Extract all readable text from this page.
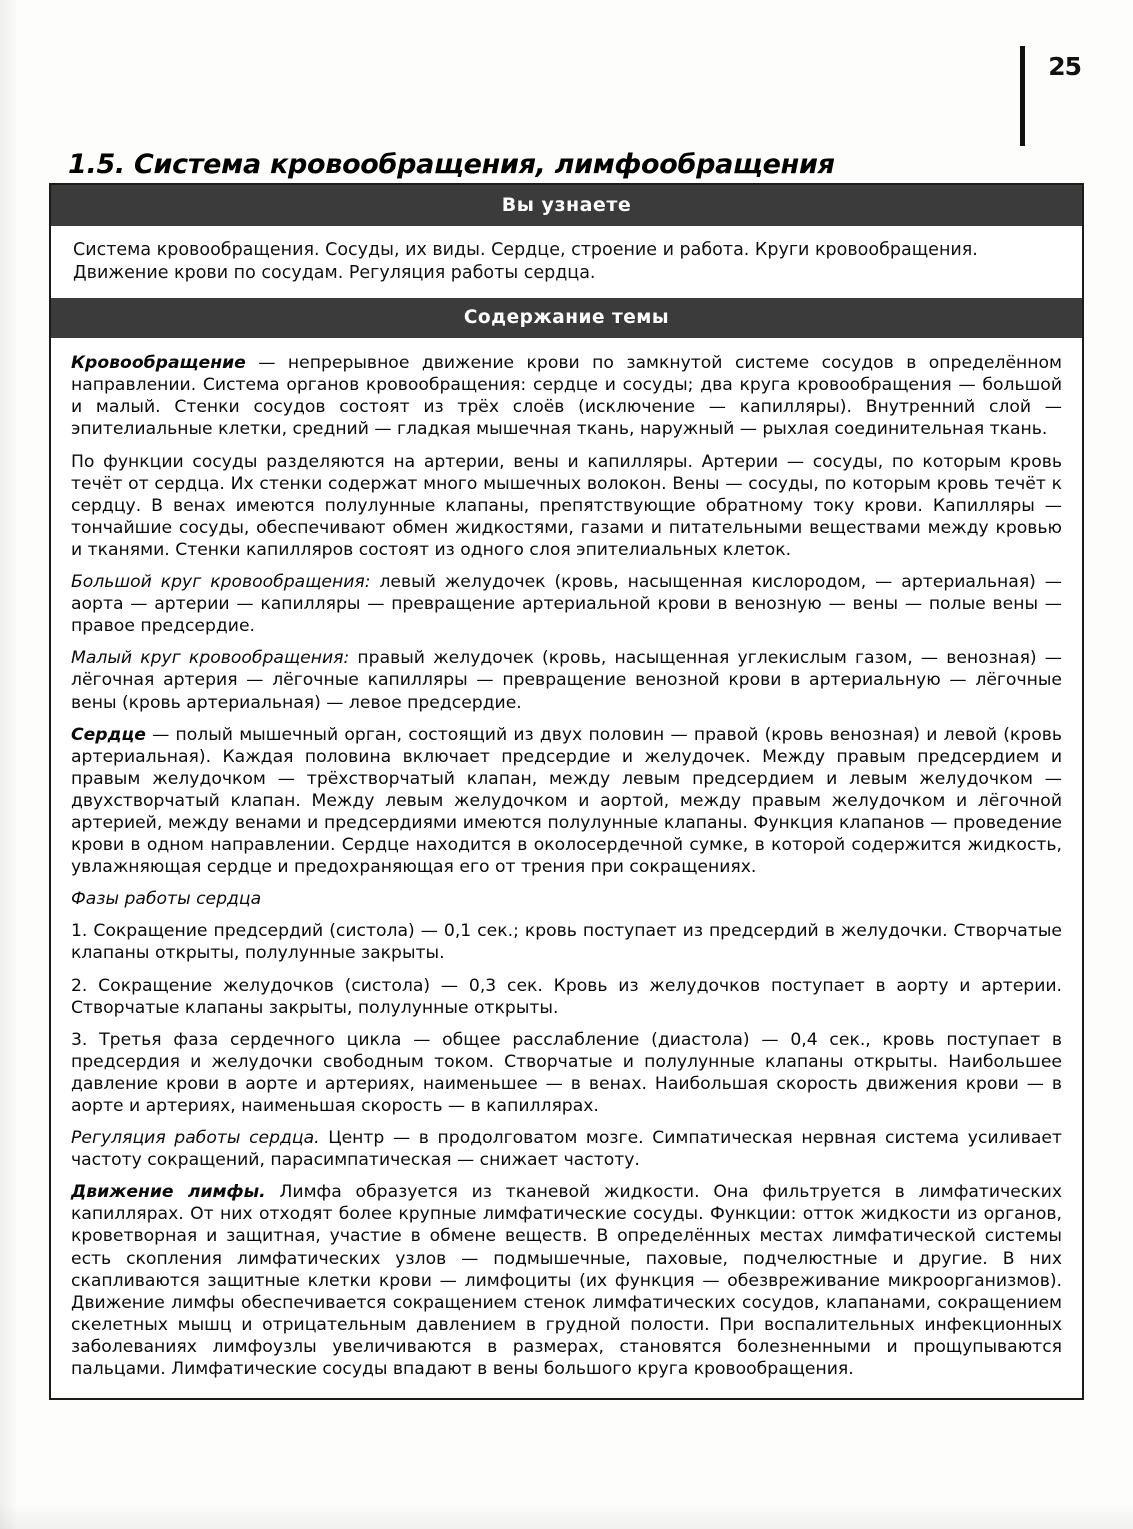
25
1.5. Система кровообращения, лимфообращения
Вы узнаете
Система кровообращения. Сосуды, их виды. Сердце, строение и работа. Круги кровообращения. Движение крови по сосудам. Регуляция работы сердца.
Содержание темы

Кровообращение — непрерывное движение крови по замкнутой системе сосудов в определённом направлении. Система органов кровообращения: сердце и сосуды; два круга кровообращения — большой и малый. Стенки сосудов состоят из трёх слоёв (исключение — капилляры). Внутренний слой — эпителиальные клетки, средний — гладкая мышечная ткань, наружный — рыхлая соединительная ткань.

По функции сосуды разделяются на артерии, вены и капилляры. Артерии — сосуды, по которым кровь течёт от сердца. Их стенки содержат много мышечных волокон. Вены — сосуды, по которым кровь течёт к сердцу. В венах имеются полулунные клапаны, препятствующие обратному току крови. Капилляры — тончайшие сосуды, обеспечивают обмен жидкостями, газами и питательными веществами между кровью и тканями. Стенки капилляров состоят из одного слоя эпителиальных клеток.

Большой круг кровообращения: левый желудочек (кровь, насыщенная кислородом, — артериальная) — аорта — артерии — капилляры — превращение артериальной крови в венозную — вены — полые вены — правое предсердие.

Малый круг кровообращения: правый желудочек (кровь, насыщенная углекислым газом, — венозная) — лёгочная артерия — лёгочные капилляры — превращение венозной крови в артериальную — лёгочные вены (кровь артериальная) — левое предсердие.

Сердце — полый мышечный орган, состоящий из двух половин — правой (кровь венозная) и левой (кровь артериальная). Каждая половина включает предсердие и желудочек. Между правым предсердием и правым желудочком — трёхстворчатый клапан, между левым предсердием и левым желудочком — двухстворчатый клапан. Между левым желудочком и аортой, между правым желудочком и лёгочной артерией, между венами и предсердиями имеются полулунные клапаны. Функция клапанов — проведение крови в одном направлении. Сердце находится в околосердечной сумке, в которой содержится жидкость, увлажняющая сердце и предохраняющая его от трения при сокращениях.

Фазы работы сердца

1. Сокращение предсердий (систола) — 0,1 сек.; кровь поступает из предсердий в желудочки. Створчатые клапаны открыты, полулунные закрыты.

2. Сокращение желудочков (систола) — 0,3 сек. Кровь из желудочков поступает в аорту и артерии. Створчатые клапаны закрыты, полулунные открыты.

3. Третья фаза сердечного цикла — общее расслабление (диастола) — 0,4 сек., кровь поступает в предсердия и желудочки свободным током. Створчатые и полулунные клапаны открыты. Наибольшее давление крови в аорте и артериях, наименьшее — в венах. Наибольшая скорость движения крови — в аорте и артериях, наименьшая скорость — в капиллярах.

Регуляция работы сердца. Центр — в продолговатом мозге. Симпатическая нервная система усиливает частоту сокращений, парасимпатическая — снижает частоту.

Движение лимфы. Лимфа образуется из тканевой жидкости. Она фильтруется в лимфатических капиллярах. От них отходят более крупные лимфатические сосуды. Функции: отток жидкости из органов, кроветворная и защитная, участие в обмене веществ. В определённых местах лимфатической системы есть скопления лимфатических узлов — подмышечные, паховые, подчелюстные и другие. В них скапливаются защитные клетки крови — лимфоциты (их функция — обезвреживание микроорганизмов). Движение лимфы обеспечивается сокращением стенок лимфатических сосудов, клапанами, сокращением скелетных мышц и отрицательным давлением в грудной полости. При воспалительных инфекционных заболеваниях лимфоузлы увеличиваются в размерах, становятся болезненными и прощупываются пальцами. Лимфатические сосуды впадают в вены большого круга кровообращения.
